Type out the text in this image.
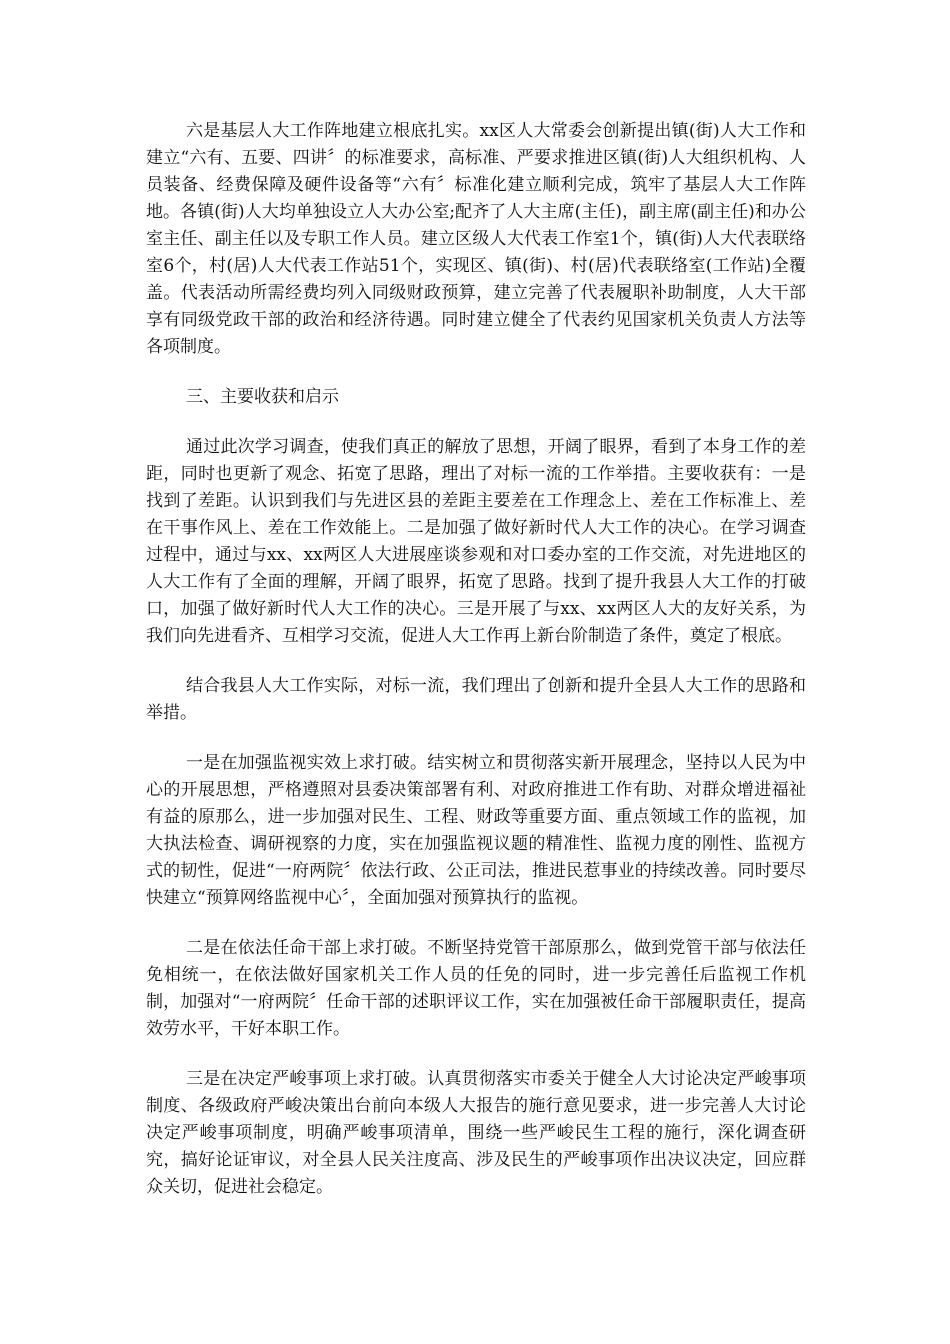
六是基层人大工作阵地建立根底扎实。xx区人大常委会创新提出镇(街)人大工作和建立“六有、五要、四讲〞的标准要求，高标准、严要求推进区镇(街)人大组织机构、人员装备、经费保障及硬件设备等“六有〞标准化建立顺利完成，筑牢了基层人大工作阵地。各镇(街)人大均单独设立人大办公室;配齐了人大主席(主任)，副主席(副主任)和办公室主任、副主任以及专职工作人员。建立区级人大代表工作室1个，镇(街)人大代表联络室6个，村(居)人大代表工作站51个，实现区、镇(街)、村(居)代表联络室(工作站)全覆盖。代表活动所需经费均列入同级财政预算，建立完善了代表履职补助制度，人大干部享有同级党政干部的政治和经济待遇。同时建立健全了代表约见国家机关负责人方法等各项制度。

三、主要收获和启示

通过此次学习调查，使我们真正的解放了思想，开阔了眼界，看到了本身工作的差距，同时也更新了观念、拓宽了思路，理出了对标一流的工作举措。主要收获有：一是找到了差距。认识到我们与先进区县的差距主要差在工作理念上、差在工作标准上、差在干事作风上、差在工作效能上。二是加强了做好新时代人大工作的决心。在学习调查过程中，通过与xx、xx两区人大进展座谈参观和对口委办室的工作交流，对先进地区的人大工作有了全面的理解，开阔了眼界，拓宽了思路。找到了提升我县人大工作的打破口，加强了做好新时代人大工作的决心。三是开展了与xx、xx两区人大的友好关系，为我们向先进看齐、互相学习交流，促进人大工作再上新台阶制造了条件，奠定了根底。

结合我县人大工作实际，对标一流，我们理出了创新和提升全县人大工作的思路和举措。

一是在加强监视实效上求打破。结实树立和贯彻落实新开展理念，坚持以人民为中心的开展思想，严格遵照对县委决策部署有利、对政府推进工作有助、对群众增进福祉有益的原那么，进一步加强对民生、工程、财政等重要方面、重点领域工作的监视，加大执法检查、调研视察的力度，实在加强监视议题的精准性、监视力度的刚性、监视方式的韧性，促进“一府两院〞依法行政、公正司法，推进民惹事业的持续改善。同时要尽快建立“预算网络监视中心〞，全面加强对预算执行的监视。

二是在依法任命干部上求打破。不断坚持党管干部原那么，做到党管干部与依法任免相统一，在依法做好国家机关工作人员的任免的同时，进一步完善任后监视工作机制，加强对“一府两院〞任命干部的述职评议工作，实在加强被任命干部履职责任，提高效劳水平，干好本职工作。

三是在决定严峻事项上求打破。认真贯彻落实市委关于健全人大讨论决定严峻事项制度、各级政府严峻决策出台前向本级人大报告的施行意见要求，进一步完善人大讨论决定严峻事项制度，明确严峻事项清单，围绕一些严峻民生工程的施行，深化调查研究，搞好论证审议，对全县人民关注度高、涉及民生的严峻事项作出决议决定，回应群众关切，促进社会稳定。
